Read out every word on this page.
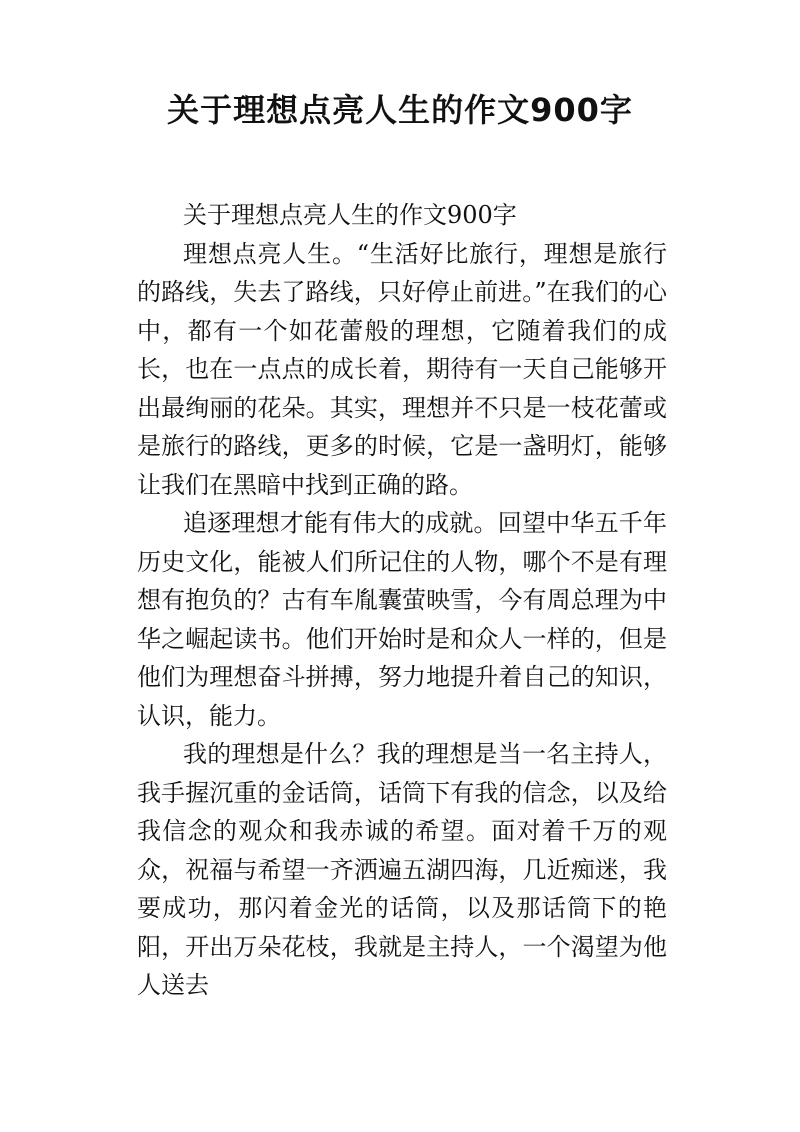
关于理想点亮人生的作文900字

关于理想点亮人生的作文900字

理想点亮人生。“生活好比旅行，理想是旅行的路线，失去了路线，只好停止前进。”在我们的心中，都有一个如花蕾般的理想，它随着我们的成长，也在一点点的成长着，期待有一天自己能够开出最绚丽的花朵。其实，理想并不只是一枝花蕾或是旅行的路线，更多的时候，它是一盏明灯，能够让我们在黑暗中找到正确的路。

追逐理想才能有伟大的成就。回望中华五千年历史文化，能被人们所记住的人物，哪个不是有理想有抱负的？古有车胤囊萤映雪，今有周总理为中华之崛起读书。他们开始时是和众人一样的，但是他们为理想奋斗拼搏，努力地提升着自己的知识，认识，能力。

我的理想是什么？我的理想是当一名主持人，我手握沉重的金话筒，话筒下有我的信念，以及给我信念的观众和我赤诚的希望。面对着千万的观众，祝福与希望一齐洒遍五湖四海，几近痴迷，我要成功，那闪着金光的话筒，以及那话筒下的艳阳，开出万朵花枝，我就是主持人，一个渴望为他人送去
